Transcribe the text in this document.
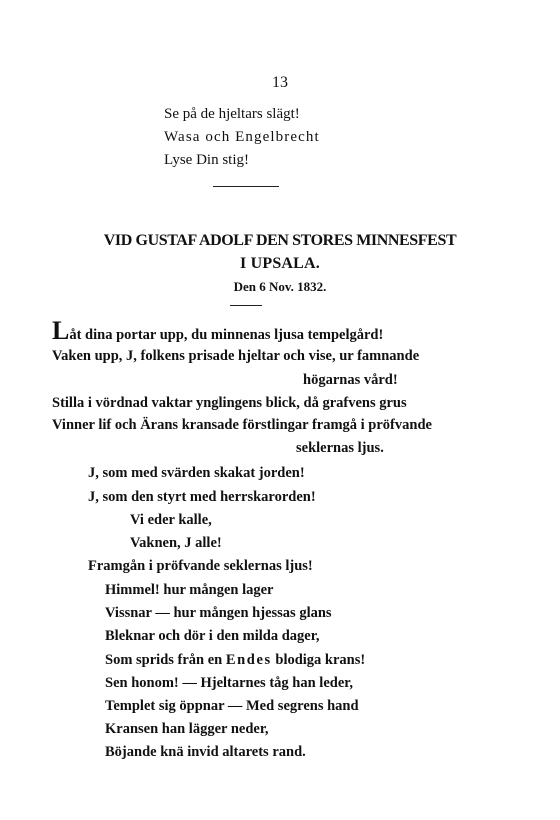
13
Se på de hjeltars slägt!
Wasa och Engelbrecht
Lyse Din stig!
VID GUSTAF ADOLF DEN STORES MINNESFEST
I UPSALA.
Den 6 Nov. 1832.
Låt dina portar upp, du minnenas ljusa tempelgård!
Vaken upp, J, folkens prisade hjeltar och vise, ur famnande
högarnas vård!
Stilla i vördnad vaktar ynglingens blick, då grafvens grus
Vinner lif och Ärans kransade förstlingar framgå i pröfvande
seklernas ljus.
J, som med svärden skakat jorden!
J, som den styrt med herrskarorden!
Vi eder kalle,
Vaknen, J alle!
Framgån i pröfvande seklernas ljus!
Himmel! hur mången lager
Vissnar — hur mången hjessas glans
Bleknar och dör i den milda dager,
Som sprids från en Endes blodiga krans!
Sen honom! — Hjeltarnes tåg han leder,
Templet sig öppnar — Med segrens hand
Kransen han lägger neder,
Böjande knä invid altarets rand.
